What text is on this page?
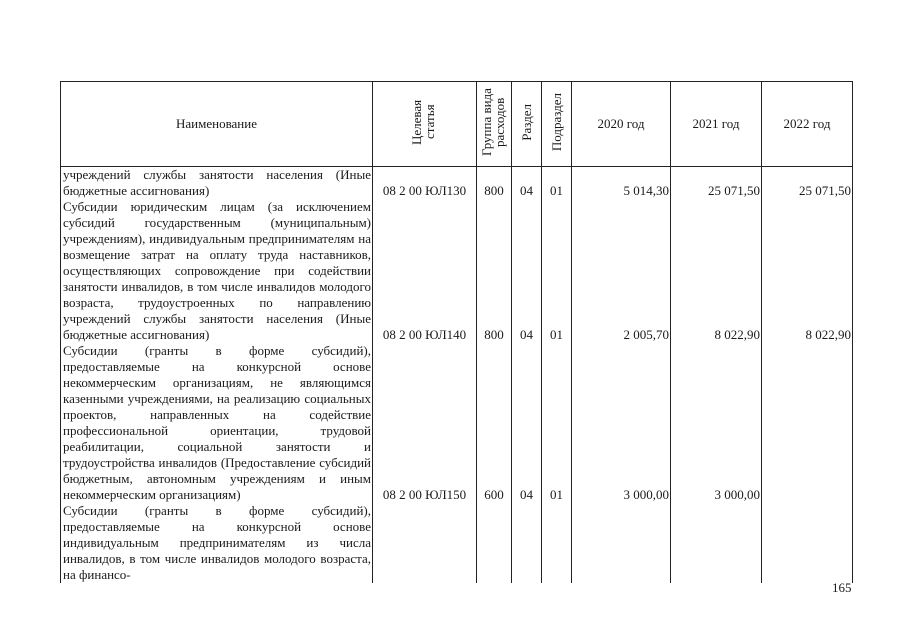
Наименование	Целевая статья	Группа вида расходов	Раздел	Подраздел	2020 год	2021 год	2022 год

учреждений службы занятости населения (Иные бюджетные ассигнования)	08 2 00 ЮЛ130	800	04	01	5 014,30	25 071,50	25 071,50

Субсидии юридическим лицам (за исключением субсидий государственным (муниципальным) учреждениям), индивидуальным предпринимателям на возмещение затрат на оплату труда наставников, осуществляющих сопровождение при содействии занятости инвалидов, в том числе инвалидов молодого возраста, трудоустроенных по направлению учреждений службы занятости населения (Иные бюджетные ассигнования)	08 2 00 ЮЛ140	800	04	01	2 005,70	8 022,90	8 022,90

Субсидии (гранты в форме субсидий), предоставляемые на конкурсной основе некоммерческим организациям, не являющимся казенными учреждениями, на реализацию социальных проектов, направленных на содействие профессиональной ориентации, трудовой реабилитации, социальной занятости и трудоустройства инвалидов (Предоставление субсидий бюджетным, автономным учреждениям и иным некоммерческим организациям)	08 2 00 ЮЛ150	600	04	01	3 000,00	3 000,00	

Субсидии (гранты в форме субсидий), предоставляемые на конкурсной основе индивидуальным предпринимателям из числа инвалидов, в том числе инвалидов молодого возраста, на финансо-							

165
